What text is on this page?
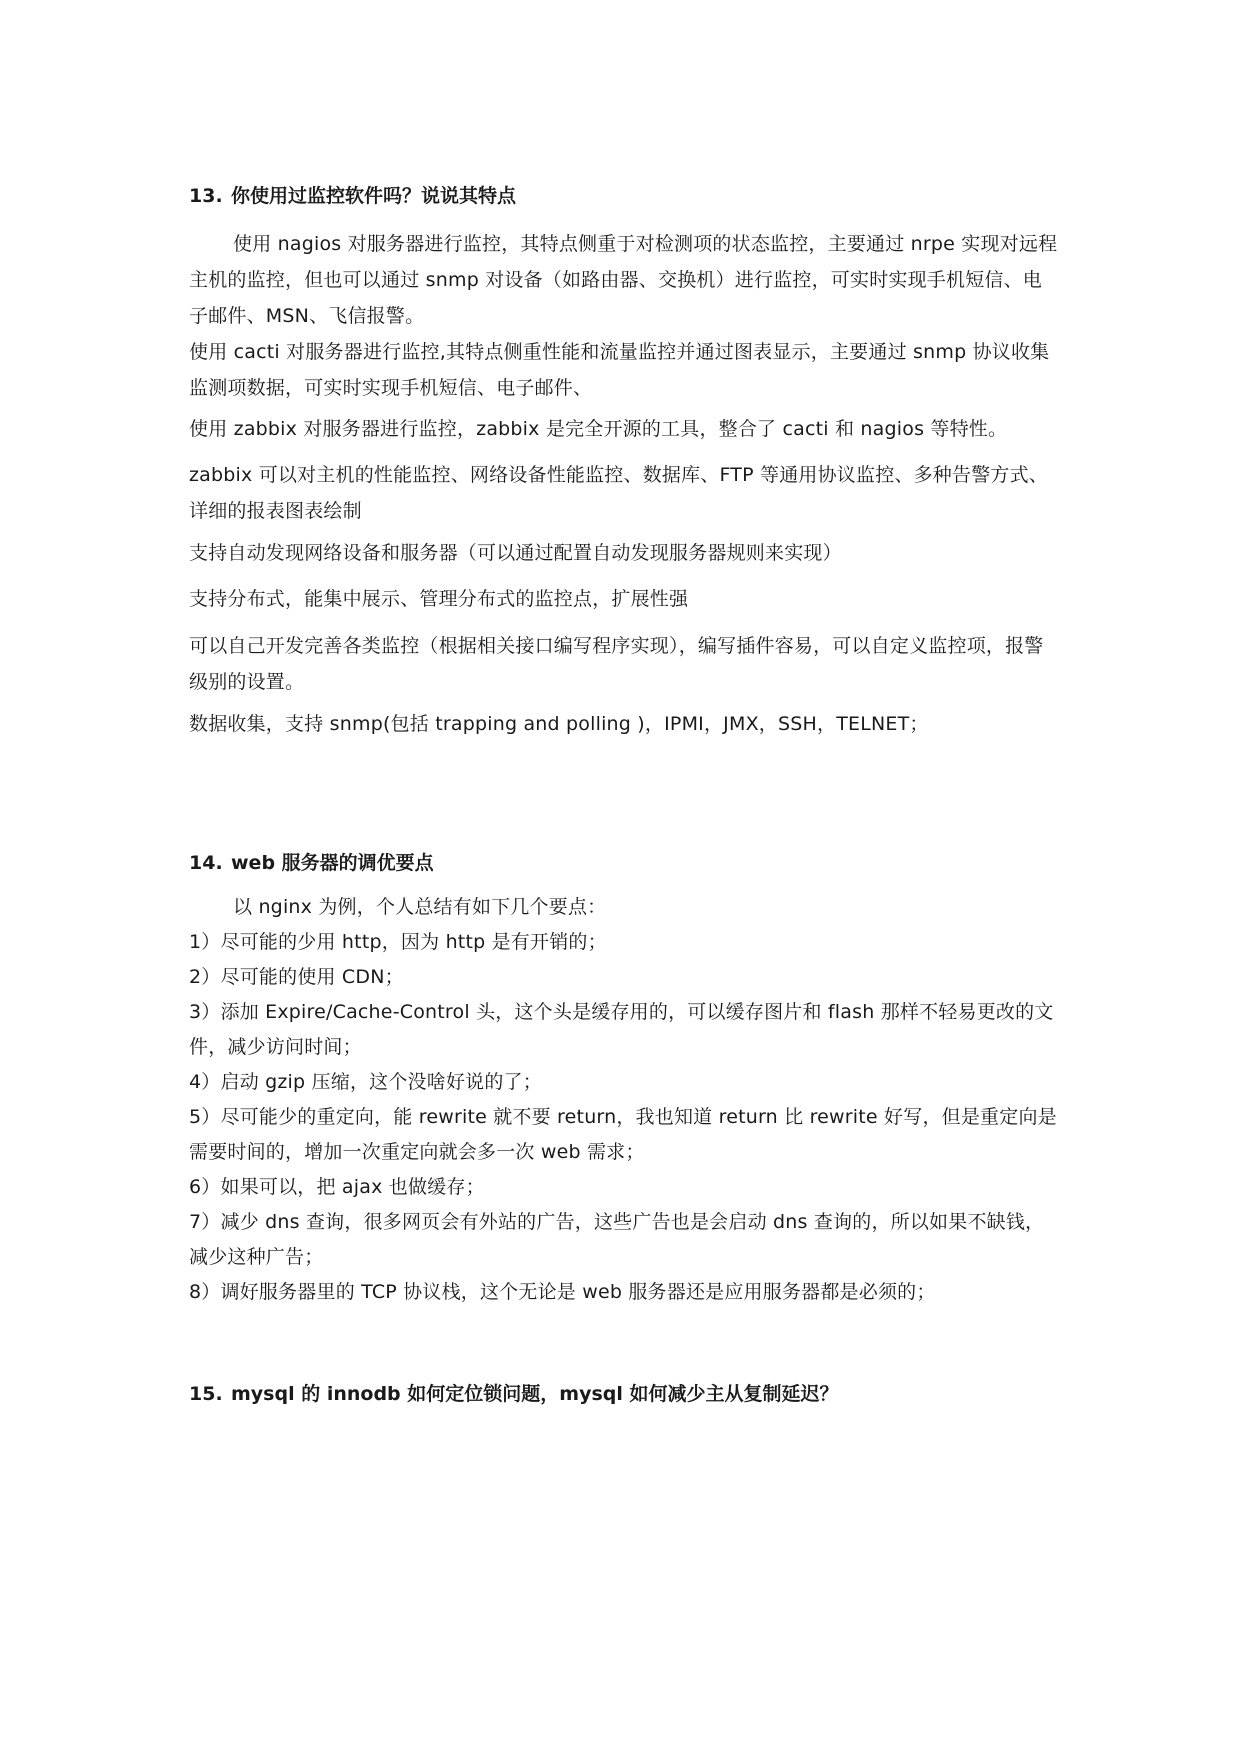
13. 你使用过监控软件吗？说说其特点
使用 nagios 对服务器进行监控，其特点侧重于对检测项的状态监控，主要通过 nrpe 实现对远程主机的监控，但也可以通过 snmp 对设备（如路由器、交换机）进行监控，可实时实现手机短信、电子邮件、MSN、飞信报警。
使用 cacti 对服务器进行监控,其特点侧重性能和流量监控并通过图表显示，主要通过 snmp 协议收集监测项数据，可实时实现手机短信、电子邮件、
使用 zabbix 对服务器进行监控，zabbix 是完全开源的工具，整合了 cacti 和 nagios 等特性。
zabbix 可以对主机的性能监控、网络设备性能监控、数据库、FTP 等通用协议监控、多种告警方式、详细的报表图表绘制
支持自动发现网络设备和服务器（可以通过配置自动发现服务器规则来实现）
支持分布式，能集中展示、管理分布式的监控点，扩展性强
可以自己开发完善各类监控（根据相关接口编写程序实现），编写插件容易，可以自定义监控项，报警级别的设置。
数据收集，支持 snmp(包括 trapping and polling )，IPMI，JMX，SSH，TELNET；
14. web 服务器的调优要点
以 nginx 为例，个人总结有如下几个要点：
1）尽可能的少用 http，因为 http 是有开销的；
2）尽可能的使用 CDN；
3）添加 Expire/Cache-Control 头，这个头是缓存用的，可以缓存图片和 flash 那样不轻易更改的文件，减少访问时间；
4）启动 gzip 压缩，这个没啥好说的了；
5）尽可能少的重定向，能 rewrite 就不要 return，我也知道 return 比 rewrite 好写，但是重定向是需要时间的，增加一次重定向就会多一次 web 需求；
6）如果可以，把 ajax 也做缓存；
7）减少 dns 查询，很多网页会有外站的广告，这些广告也是会启动 dns 查询的，所以如果不缺钱，减少这种广告；
8）调好服务器里的 TCP 协议栈，这个无论是 web 服务器还是应用服务器都是必须的；
15. mysql 的 innodb 如何定位锁问题，mysql 如何减少主从复制延迟？
